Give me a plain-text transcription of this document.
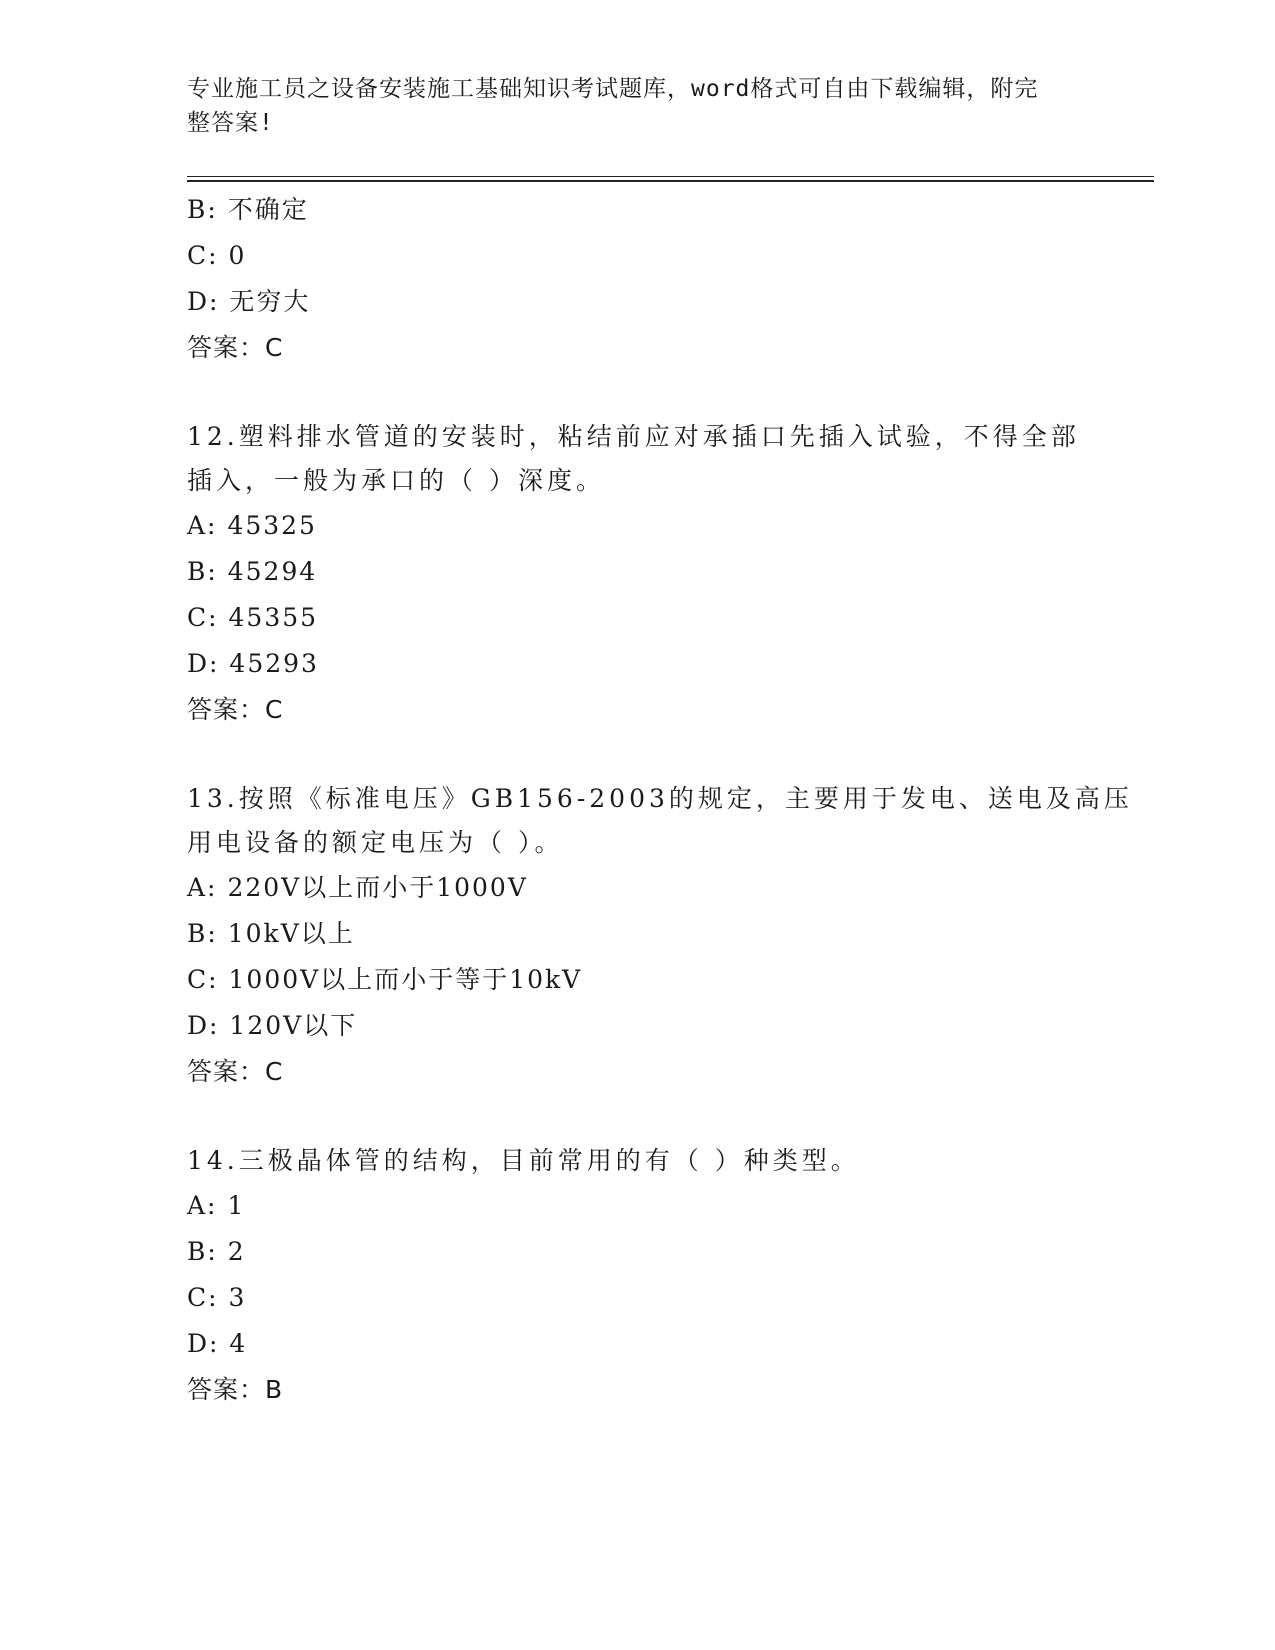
专业施工员之设备安装施工基础知识考试题库，word格式可自由下载编辑，附完
整答案!
B: 不确定
C: 0
D: 无穷大
答案：C
12.塑料排水管道的安装时，粘结前应对承插口先插入试验，不得全部
插入，一般为承口的（ ）深度。
A: 45325
B: 45294
C: 45355
D: 45293
答案：C
13.按照《标准电压》GB156-2003的规定，主要用于发电、送电及高压
用电设备的额定电压为（ ）。
A: 220V以上而小于1000V
B: 10kV以上
C: 1000V以上而小于等于10kV
D: 120V以下
答案：C
14.三极晶体管的结构，目前常用的有（ ）种类型。
A: 1
B: 2
C: 3
D: 4
答案：B
